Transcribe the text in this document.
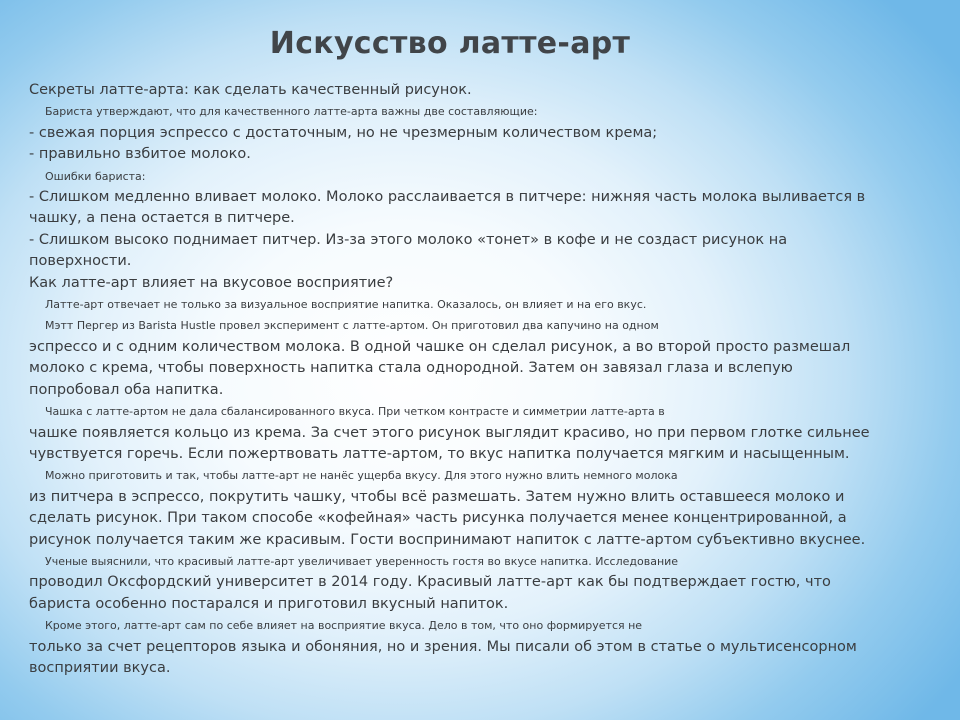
Искусство латте-арт
Секреты латте-арта: как сделать качественный рисунок.
Бариста утверждают, что для качественного латте-арта важны две составляющие:
- свежая порция эспрессо с достаточным, но не чрезмерным количеством крема;
- правильно взбитое молоко.
Ошибки бариста:
- Слишком медленно вливает молоко. Молоко расслаивается в питчере: нижняя часть молока выливается в
чашку, а пена остается в питчере.
- Слишком высоко поднимает питчер. Из-за этого молоко «тонет» в кофе и не создаст рисунок на
поверхности.
Как латте-арт влияет на вкусовое восприятие?
Латте-арт отвечает не только за визуальное восприятие напитка. Оказалось, он влияет и на его вкус.
Мэтт Пергер из Barista Hustle провел эксперимент с латте-артом. Он приготовил два капучино на одном
эспрессо и с одним количеством молока. В одной чашке он сделал рисунок, а во второй просто размешал
молоко с крема, чтобы поверхность напитка стала однородной. Затем он завязал глаза и вслепую
попробовал оба напитка.
Чашка с латте-артом не дала сбалансированного вкуса. При четком контрасте и симметрии латте-арта в
чашке появляется кольцо из крема. За счет этого рисунок выглядит красиво, но при первом глотке сильнее
чувствуется горечь. Если пожертвовать латте-артом, то вкус напитка получается мягким и насыщенным.
Можно приготовить и так, чтобы латте-арт не нанёс ущерба вкусу. Для этого нужно влить немного молока
из питчера в эспрессо, покрутить чашку, чтобы всё размешать. Затем нужно влить оставшееся молоко и
сделать рисунок. При таком способе «кофейная» часть рисунка получается менее концентрированной, а
рисунок получается таким же красивым. Гости воспринимают напиток с латте-артом субъективно вкуснее.
Ученые выяснили, что красивый латте-арт увеличивает уверенность гостя во вкусе напитка. Исследование
проводил Оксфордский университет в 2014 году. Красивый латте-арт как бы подтверждает гостю, что
бариста особенно постарался и приготовил вкусный напиток.
Кроме этого, латте-арт сам по себе влияет на восприятие вкуса. Дело в том, что оно формируется не
только за счет рецепторов языка и обоняния, но и зрения. Мы писали об этом в статье о мультисенсорном
восприятии вкуса.
